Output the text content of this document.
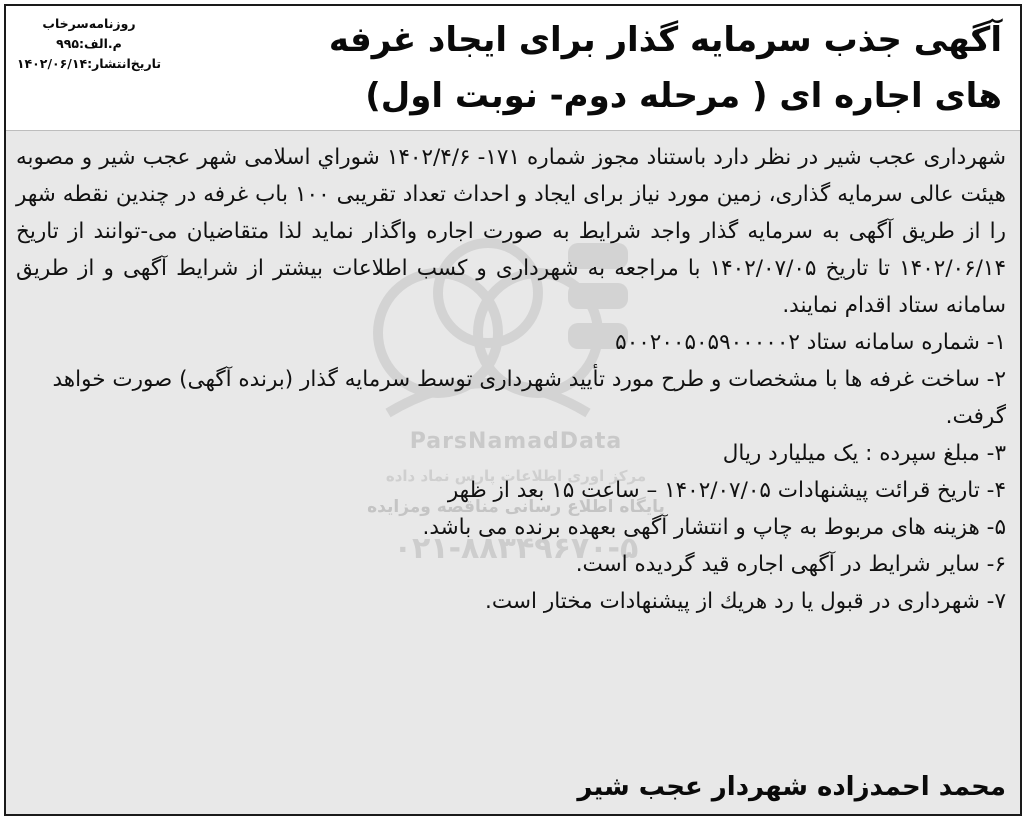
آگهی جذب سرمایه گذار برای ایجاد غرفه
های اجاره ای ( مرحله دوم- نوبت اول)
روزنامه‌سرخاب
م.الف:۹۹۵
تاریخ‌انتشار:۱۴۰۲/۰۶/۱۴
ParsNamadData
مرکز اوری اطلاعات پارس نماد داده
پایگاه اطلاع رسانی مناقصه ومزایده
۰۲۱-۸۸۳۴۹۶۷۰-۵

شهرداری عجب شیر در نظر دارد باستناد مجوز شماره ۱۷۱- ۱۴۰۲/۴/۶ شوراي اسلامی شهر عجب شیر و مصوبه هیئت عالی سرمایه گذاری، زمین مورد نیاز برای ایجاد و احداث تعداد تقریبی ۱۰۰ باب غرفه در چندین نقطه شهر را از طریق آگهی به سرمایه گذار واجد شرایط به صورت اجاره واگذار نماید لذا متقاضیان می-توانند از تاریخ ۱۴۰۲/۰۶/۱۴ تا تاریخ ۱۴۰۲/۰۷/۰۵ با مراجعه به شهرداری و کسب اطلاعات بیشتر از شرایط آگهی و از طریق سامانه ستاد اقدام نمایند.

۱- شماره سامانه ستاد ۵۰۰۲۰۰۵۰۵۹۰۰۰۰۰۲

۲- ساخت غرفه ها با مشخصات و طرح مورد تأیید شهرداری توسط سرمایه گذار (برنده آگهی) صورت خواهد گرفت.

۳- مبلغ سپرده : یک میلیارد ریال

۴- تاریخ قرائت پیشنهادات ۱۴۰۲/۰۷/۰۵ – ساعت ۱۵ بعد از ظهر

۵- هزینه های مربوط به چاپ و انتشار آگهی بعهده برنده می باشد.

۶- سایر شرایط در آگهی اجاره قید گردیده است.

۷- شهرداری در قبول یا رد هریك از پیشنهادات مختار است.

محمد احمدزاده شهردار عجب شیر
